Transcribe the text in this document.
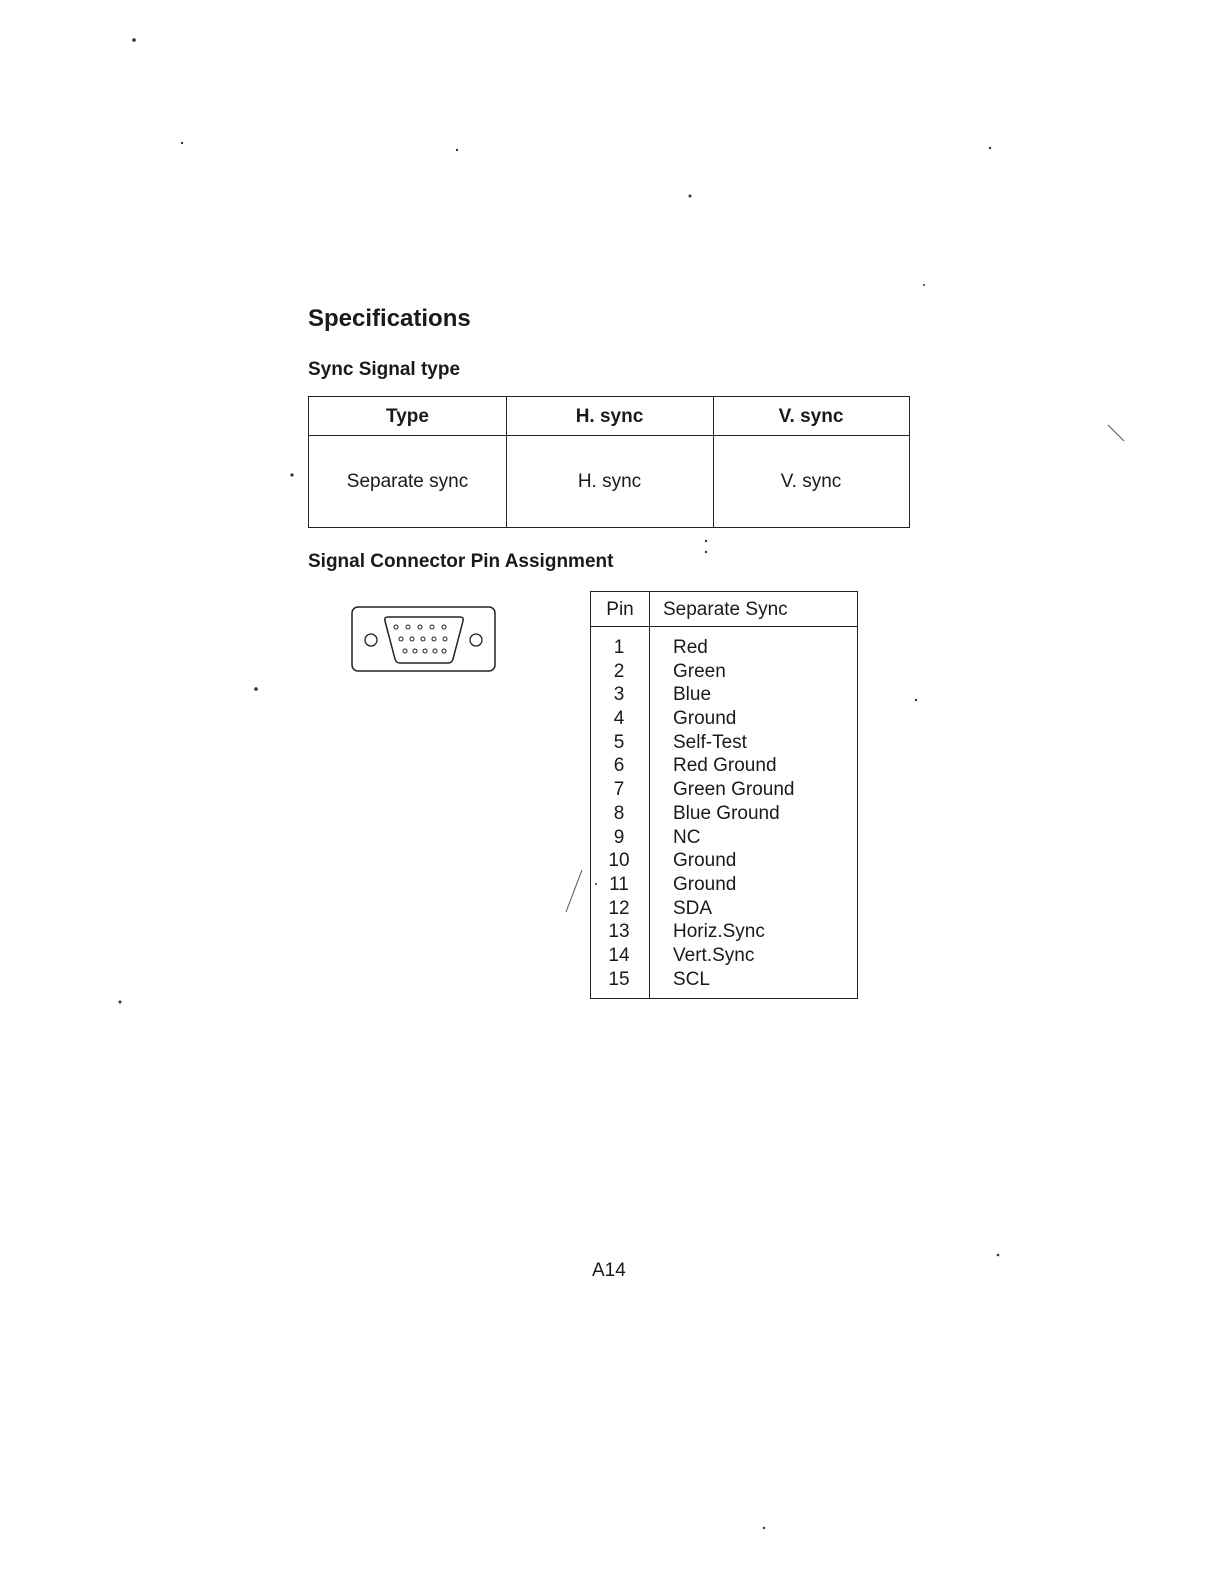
Specifications
Sync Signal type
Type	H. sync	V. sync
Separate sync	H. sync	V. sync
Signal Connector Pin Assignment
Pin	Separate Sync
1	Red
2	Green
3	Blue
4	Ground
5	Self-Test
6	Red Ground
7	Green Ground
8	Blue Ground
9	NC
10	Ground
11	Ground
12	SDA
13	Horiz.Sync
14	Vert.Sync
15	SCL

A14
